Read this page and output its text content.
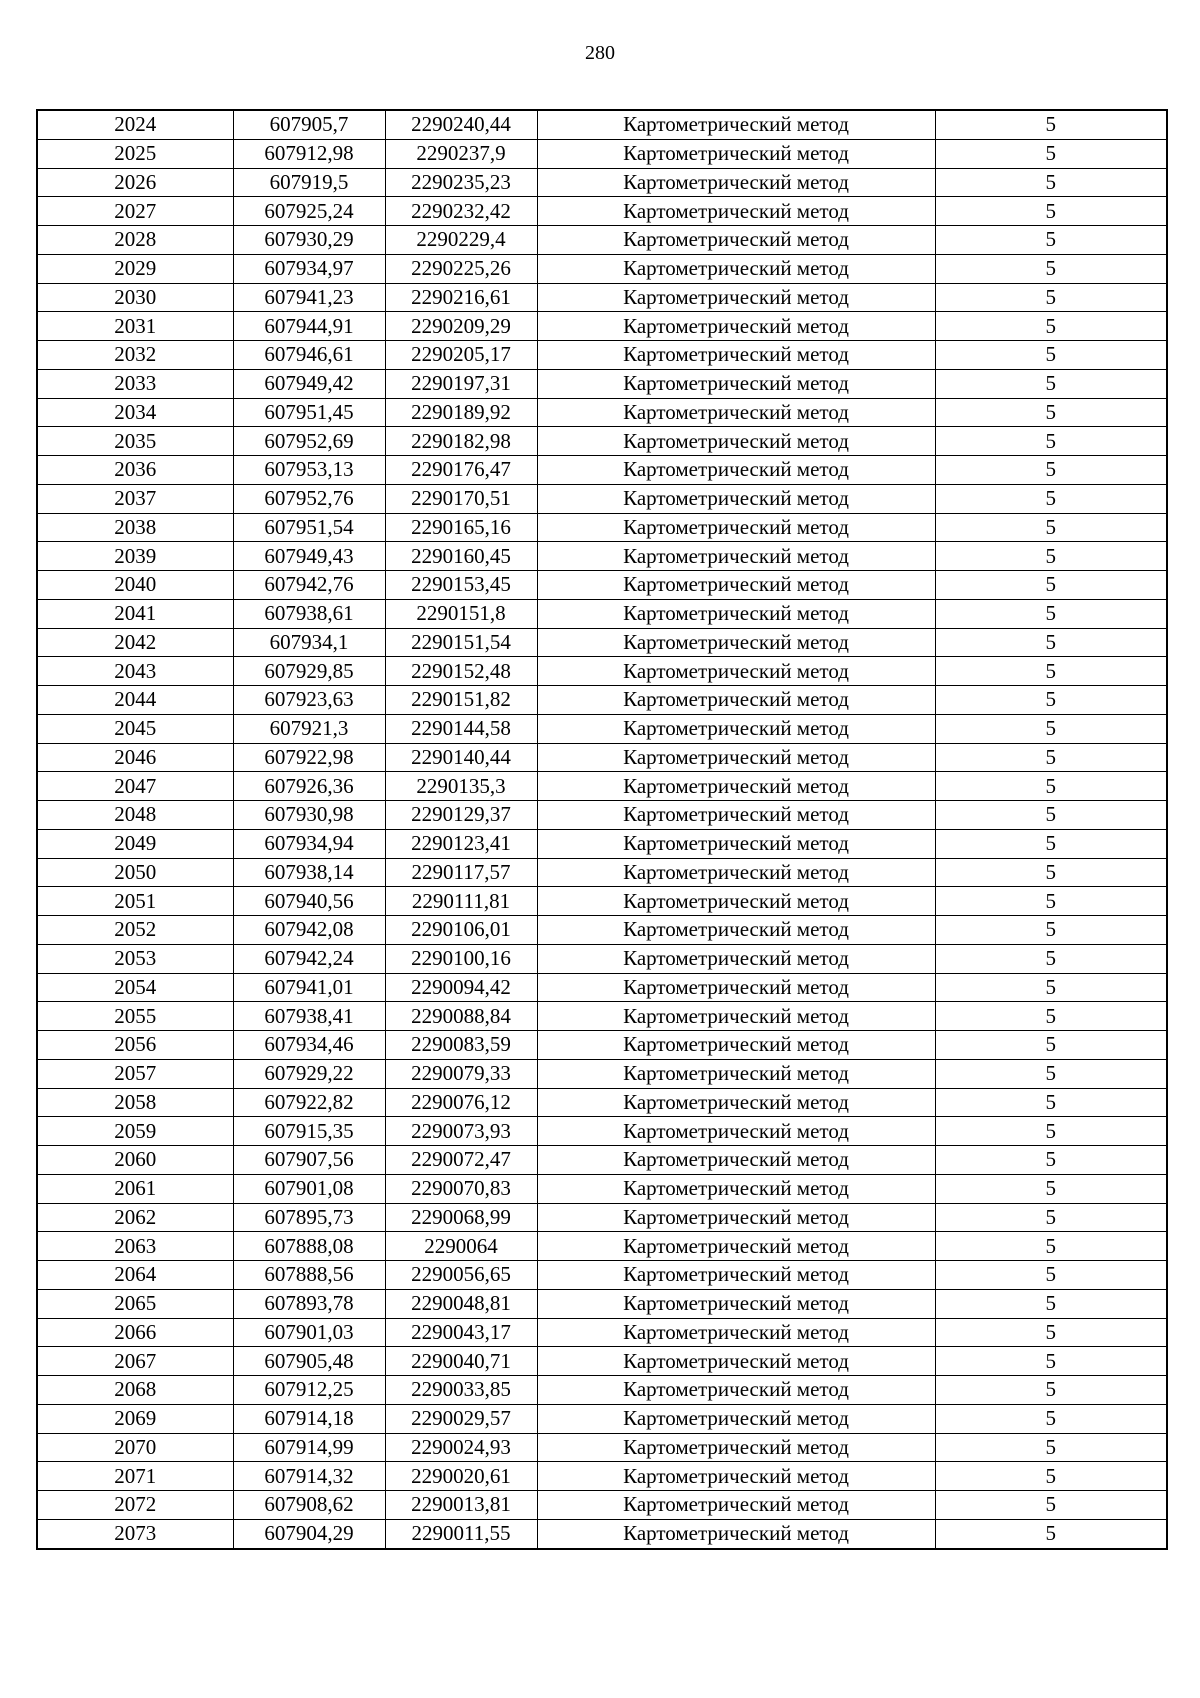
280
2024	607905,7	2290240,44	Картометрический метод	5
2025	607912,98	2290237,9	Картометрический метод	5
2026	607919,5	2290235,23	Картометрический метод	5
2027	607925,24	2290232,42	Картометрический метод	5
2028	607930,29	2290229,4	Картометрический метод	5
2029	607934,97	2290225,26	Картометрический метод	5
2030	607941,23	2290216,61	Картометрический метод	5
2031	607944,91	2290209,29	Картометрический метод	5
2032	607946,61	2290205,17	Картометрический метод	5
2033	607949,42	2290197,31	Картометрический метод	5
2034	607951,45	2290189,92	Картометрический метод	5
2035	607952,69	2290182,98	Картометрический метод	5
2036	607953,13	2290176,47	Картометрический метод	5
2037	607952,76	2290170,51	Картометрический метод	5
2038	607951,54	2290165,16	Картометрический метод	5
2039	607949,43	2290160,45	Картометрический метод	5
2040	607942,76	2290153,45	Картометрический метод	5
2041	607938,61	2290151,8	Картометрический метод	5
2042	607934,1	2290151,54	Картометрический метод	5
2043	607929,85	2290152,48	Картометрический метод	5
2044	607923,63	2290151,82	Картометрический метод	5
2045	607921,3	2290144,58	Картометрический метод	5
2046	607922,98	2290140,44	Картометрический метод	5
2047	607926,36	2290135,3	Картометрический метод	5
2048	607930,98	2290129,37	Картометрический метод	5
2049	607934,94	2290123,41	Картометрический метод	5
2050	607938,14	2290117,57	Картометрический метод	5
2051	607940,56	2290111,81	Картометрический метод	5
2052	607942,08	2290106,01	Картометрический метод	5
2053	607942,24	2290100,16	Картометрический метод	5
2054	607941,01	2290094,42	Картометрический метод	5
2055	607938,41	2290088,84	Картометрический метод	5
2056	607934,46	2290083,59	Картометрический метод	5
2057	607929,22	2290079,33	Картометрический метод	5
2058	607922,82	2290076,12	Картометрический метод	5
2059	607915,35	2290073,93	Картометрический метод	5
2060	607907,56	2290072,47	Картометрический метод	5
2061	607901,08	2290070,83	Картометрический метод	5
2062	607895,73	2290068,99	Картометрический метод	5
2063	607888,08	2290064	Картометрический метод	5
2064	607888,56	2290056,65	Картометрический метод	5
2065	607893,78	2290048,81	Картометрический метод	5
2066	607901,03	2290043,17	Картометрический метод	5
2067	607905,48	2290040,71	Картометрический метод	5
2068	607912,25	2290033,85	Картометрический метод	5
2069	607914,18	2290029,57	Картометрический метод	5
2070	607914,99	2290024,93	Картометрический метод	5
2071	607914,32	2290020,61	Картометрический метод	5
2072	607908,62	2290013,81	Картометрический метод	5
2073	607904,29	2290011,55	Картометрический метод	5
